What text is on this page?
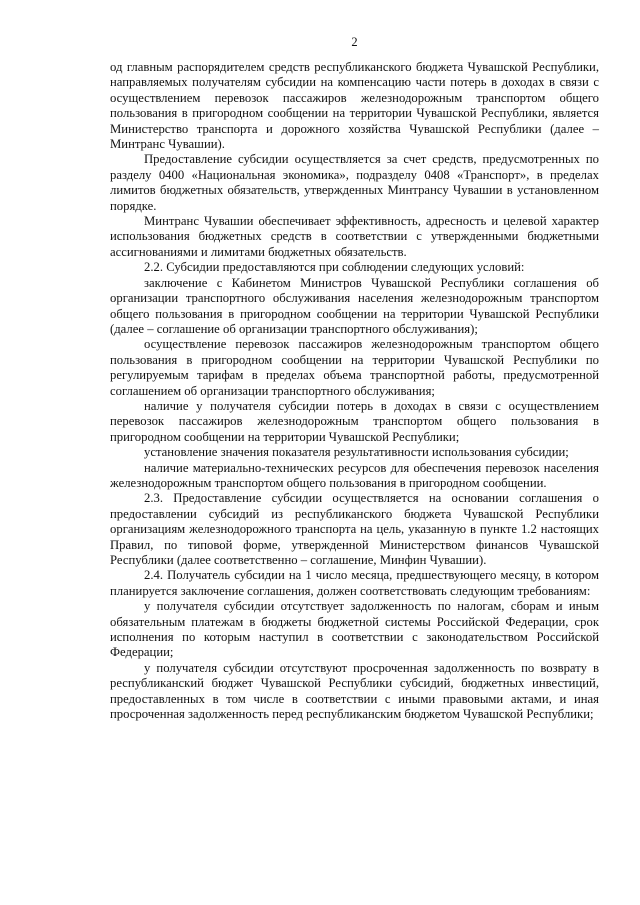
2

од главным распорядителем средств республиканского бюджета Чувашской Республики, направляемых получателям субсидии на компенсацию части потерь в доходах в связи с осуществлением перевозок пассажиров железнодорожным транспортом общего пользования в пригородном сообщении на территории Чувашской Республики, является Министерство транспорта и дорожного хозяйства Чувашской Республики (далее – Минтранс Чувашии).

Предоставление субсидии осуществляется за счет средств, предусмотренных по разделу 0400 «Национальная экономика», подразделу 0408 «Транспорт», в пределах лимитов бюджетных обязательств, утвержденных Минтрансу Чувашии в установленном порядке.

Минтранс Чувашии обеспечивает эффективность, адресность и целевой характер использования бюджетных средств в соответствии с утвержденными бюджетными ассигнованиями и лимитами бюджетных обязательств.

2.2. Субсидии предоставляются при соблюдении следующих условий:

заключение с Кабинетом Министров Чувашской Республики соглашения об организации транспортного обслуживания населения железнодорожным транспортом общего пользования в пригородном сообщении на территории Чувашской Республики (далее – соглашение об организации транспортного обслуживания);

осуществление перевозок пассажиров железнодорожным транспортом общего пользования в пригородном сообщении на территории Чувашской Республики по регулируемым тарифам в пределах объема транспортной работы, предусмотренной соглашением об организации транспортного обслуживания;

наличие у получателя субсидии потерь в доходах в связи с осуществлением перевозок пассажиров железнодорожным транспортом общего пользования в пригородном сообщении на территории Чувашской Республики;

установление значения показателя результативности использования субсидии;

наличие материально-технических ресурсов для обеспечения перевозок населения железнодорожным транспортом общего пользования в пригородном сообщении.

2.3. Предоставление субсидии осуществляется на основании соглашения о предоставлении субсидий из республиканского бюджета Чувашской Республики организациям железнодорожного транспорта на цель, указанную в пункте 1.2 настоящих Правил, по типовой форме, утвержденной Министерством финансов Чувашской Республики (далее соответственно – соглашение, Минфин Чувашии).

2.4. Получатель субсидии на 1 число месяца, предшествующего месяцу, в котором планируется заключение соглашения, должен соответствовать следующим требованиям:

у получателя субсидии отсутствует задолженность по налогам, сборам и иным обязательным платежам в бюджеты бюджетной системы Российской Федерации, срок исполнения по которым наступил в соответствии с законодательством Российской Федерации;

у получателя субсидии отсутствуют просроченная задолженность по возврату в республиканский бюджет Чувашской Республики субсидий, бюджетных инвестиций, предоставленных в том числе в соответствии с иными правовыми актами, и иная просроченная задолженность перед республиканским бюджетом Чувашской Республики;
